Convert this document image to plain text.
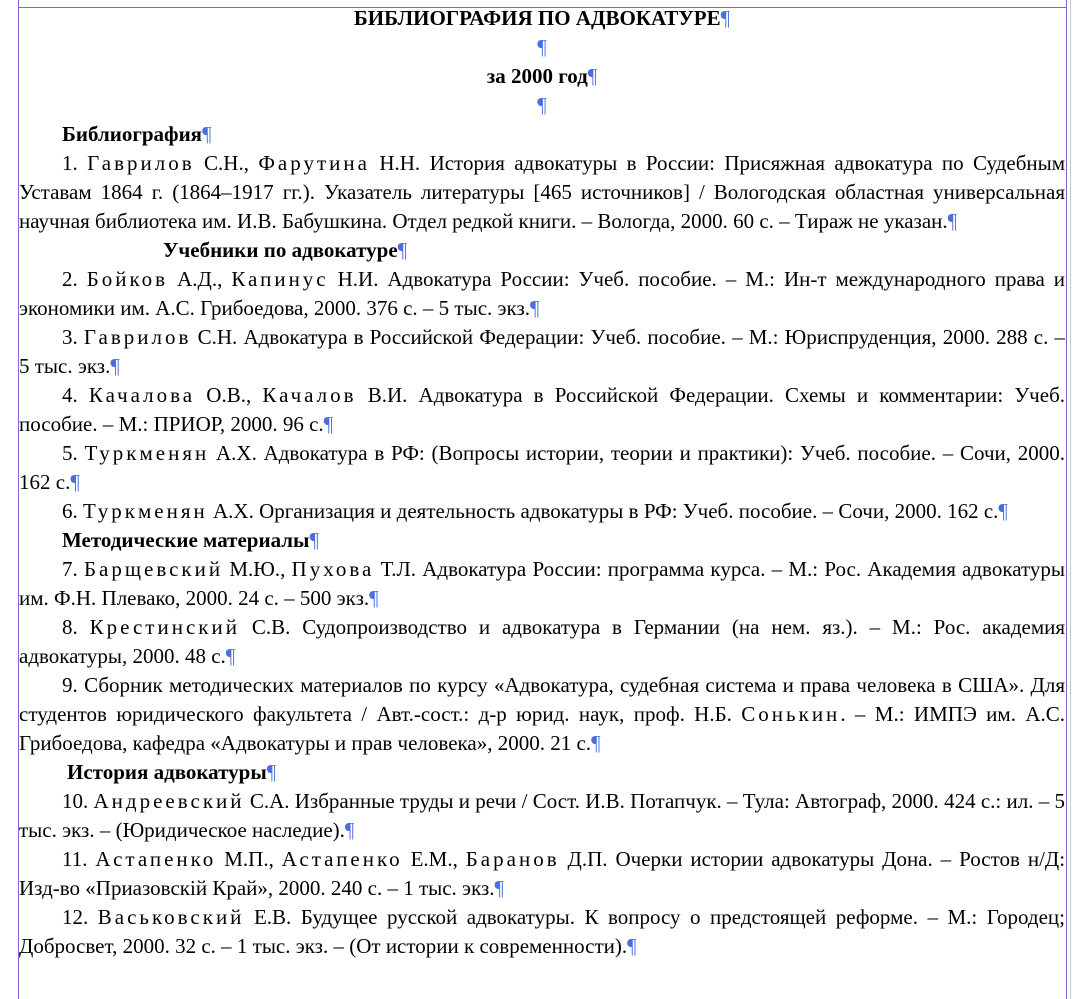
БИБЛИОГРАФИЯ ПО АДВОКАТУРЕ¶

¶

за 2000 год¶

¶

Библиография¶

1. Гаврилов С.Н., Фарутина Н.Н. История адвокатуры в России: Присяжная адвокатура по Судебным Уставам 1864 г. (1864–1917 гг.). Указатель литературы [465 источников] / Вологодская областная универсальная научная библиотека им. И.В. Бабушкина. Отдел редкой книги. – Вологда, 2000. 60 с. – Тираж не указан.¶

Учебники по адвокатуре¶

2. Бойков А.Д., Капинус Н.И. Адвокатура России: Учеб. пособие. – М.: Ин-т международного права и экономики им. А.С. Грибоедова, 2000. 376 с. – 5 тыс. экз.¶

3. Гаврилов С.Н. Адвокатура в Российской Федерации: Учеб. пособие. – М.: Юриспруденция, 2000. 288 с. – 5 тыс. экз.¶

4. Качалова О.В., Качалов В.И. Адвокатура в Российской Федерации. Схемы и комментарии: Учеб. пособие. – М.: ПРИОР, 2000. 96 с.¶

5. Туркменян А.Х. Адвокатура в РФ: (Вопросы истории, теории и практики): Учеб. пособие. – Сочи, 2000. 162 с.¶

6. Туркменян А.Х. Организация и деятельность адвокатуры в РФ: Учеб. пособие. – Сочи, 2000. 162 с.¶

Методические материалы¶

7. Барщевский М.Ю., Пухова Т.Л. Адвокатура России: программа курса. – М.: Рос. Академия адвокатуры им. Ф.Н. Плевако, 2000. 24 с. – 500 экз.¶

8. Крестинский С.В. Судопроизводство и адвокатура в Германии (на нем. яз.). – М.: Рос. академия адвокатуры, 2000. 48 с.¶

9. Сборник методических материалов по курсу «Адвокатура, судебная система и права человека в США». Для студентов юридического факультета / Авт.-сост.: д-р юрид. наук, проф. Н.Б. Сонькин. – М.: ИМПЭ им. А.С. Грибоедова, кафедра «Адвокатуры и прав человека», 2000. 21 с.¶

История адвокатуры¶

10. Андреевский С.А. Избранные труды и речи / Сост. И.В. Потапчук. – Тула: Автограф, 2000. 424 с.: ил. – 5 тыс. экз. – (Юридическое наследие).¶

11. Астапенко М.П., Астапенко Е.М., Баранов Д.П. Очерки истории адвокатуры Дона. – Ростов н/Д: Изд-во «Приазовскiй Край», 2000. 240 с. – 1 тыс. экз.¶

12. Васьковский Е.В. Будущее русской адвокатуры. К вопросу о предстоящей реформе. – М.: Городец; Добросвет, 2000. 32 с. – 1 тыс. экз. – (От истории к современности).¶
